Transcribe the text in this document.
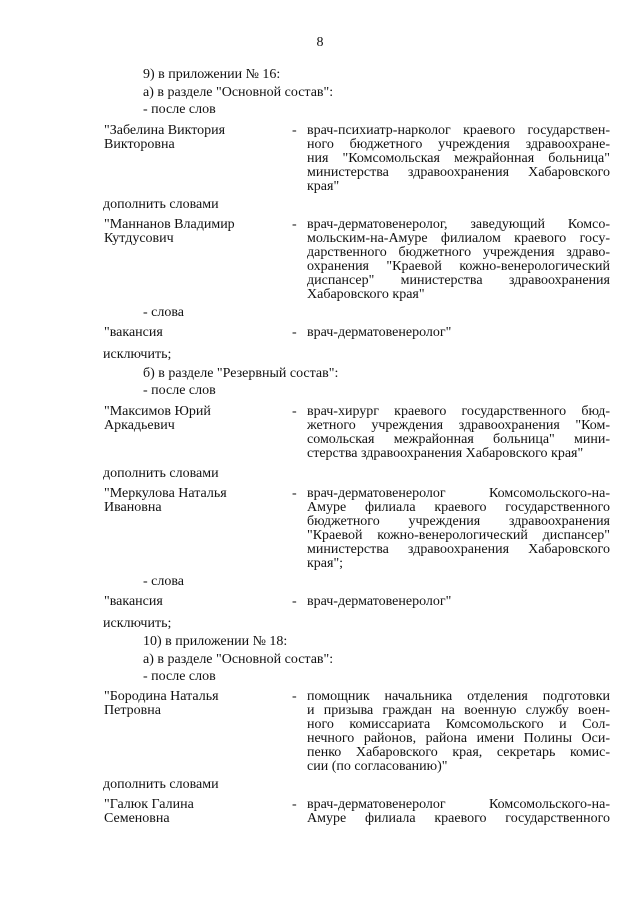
8
9) в приложении № 16:
а) в разделе "Основной состав":
- после слов
"Забелина Виктория
Викторовна
- врач-психиатр-нарколог краевого государствен-
ного бюджетного учреждения здравоохране-
ния "Комсомольская межрайонная больница"
министерства здравоохранения Хабаровского
края"
дополнить словами
"Маннанов Владимир
Кутдусович
- врач-дерматовенеролог, заведующий Комсо-
мольским-на-Амуре филиалом краевого госу-
дарственного бюджетного учреждения здраво-
охранения "Краевой кожно-венерологический
диспансер" министерства здравоохранения
Хабаровского края"
- слова
"вакансия	- врач-дерматовенеролог"
исключить;
б) в разделе "Резервный состав":
- после слов
"Максимов Юрий
Аркадьевич
- врач-хирург краевого государственного бюд-
жетного учреждения здравоохранения "Ком-
сомольская межрайонная больница" мини-
стерства здравоохранения Хабаровского края"
дополнить словами
"Меркулова Наталья
Ивановна
- врач-дерматовенеролог Комсомольского-на-
Амуре филиала краевого государственного
бюджетного учреждения здравоохранения
"Краевой кожно-венерологический диспансер"
министерства здравоохранения Хабаровского
края";
- слова
"вакансия	- врач-дерматовенеролог"
исключить;
10) в приложении № 18:
а) в разделе "Основной состав":
- после слов
"Бородина Наталья
Петровна
- помощник начальника отделения подготовки
и призыва граждан на военную службу воен-
ного комиссариата Комсомольского и Сол-
нечного районов, района имени Полины Оси-
пенко Хабаровского края, секретарь комис-
сии (по согласованию)"
дополнить словами
"Галюк Галина
Семеновна
- врач-дерматовенеролог Комсомольского-на-
Амуре филиала краевого государственного
